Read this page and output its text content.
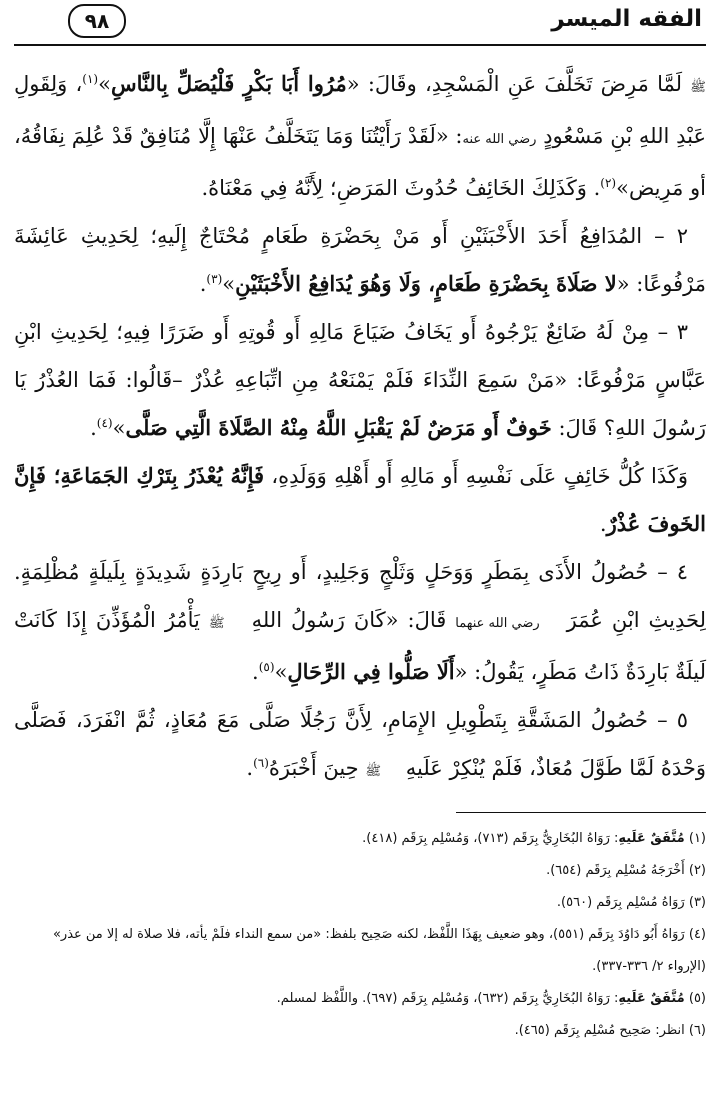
الفقه الميسر
٩٨

ﷺ لَمَّا مَرِضَ تَخَلَّفَ عَنِ الْمَسْجِدِ، وقَالَ: «مُرُوا أَبَا بَكْرٍ فَلْيُصَلِّ بِالنَّاسِ»$^{(١)}$، وَلِقَولِ عَبْدِ اللهِ بْنِ مَسْعُودٍ رضي الله عنه: «لَقَدْ رَأَيْتُنَا وَمَا يَتَخَلَّفُ عَنْهَا إِلَّا مُنَافِقٌ قَدْ عُلِمَ نِفَاقُهُ، أو مَرِيض»$^{(٢)}$. وَكَذَلِكَ الخَائِفُ حُدُوثَ المَرَضِ؛ لِأَنَّهُ فِي مَعْنَاهُ.

٢ – المُدَافِعُ أَحَدَ الأَخْبَثَيْنِ أَو مَنْ بِحَضْرَةِ طَعَامٍ مُحْتَاجٌ إِلَيهِ؛ لِحَدِيثِ عَائِشَةَ مَرْفُوعًا: «لا صَلَاةَ بِحَضْرَةِ طَعَامٍ، وَلَا وَهُوَ يُدَافِعُ الأَخْبَثَيْنِ»$^{(٣)}$.

٣ – مِنْ لَهُ ضَائِعٌ يَرْجُوهُ أَو يَخَافُ ضَيَاعَ مَالِهِ أَو قُوتِهِ أَو ضَرَرًا فِيهِ؛ لِحَدِيثِ ابْنِ عَبَّاسٍ مَرْفُوعًا: «مَنْ سَمِعَ النِّدَاءَ فَلَمْ يَمْنَعْهُ مِنِ اتِّبَاعِهِ عُذْرٌ –قَالُوا: فَمَا العُذْرُ يَا رَسُولَ اللهِ؟ قَالَ: خَوفٌ أَو مَرَضٌ لَمْ يَقْبَلِ اللَّهُ مِنْهُ الصَّلَاةَ الَّتِي صَلَّى»$^{(٤)}$.

وَكَذَا كُلُّ خَائِفٍ عَلَى نَفْسِهِ أَو مَالِهِ أَو أَهْلِهِ وَوَلَدِهِ، فَإِنَّهُ يُعْذَرُ بِتَرْكِ الجَمَاعَةِ؛ فَإِنَّ الخَوفَ عُذْرٌ.

٤ – حُصُولُ الأَذَى بِمَطَرٍ وَوَحَلٍ وَثَلْجٍ وَجَلِيدٍ، أَو رِيحٍ بَارِدَةٍ شَدِيدَةٍ بِلَيلَةٍ مُظْلِمَةٍ. لِحَدِيثِ ابْنِ عُمَرَ رضي الله عنهما قَالَ: «كَانَ رَسُولُ اللهِ ﷺ يَأْمُرُ الْمُؤَذِّنَ إِذَا كَانَتْ لَيلَةٌ بَارِدَةٌ ذَاتُ مَطَرٍ، يَقُولُ: «أَلَا صَلُّوا فِي الرِّحَالِ»$^{(٥)}$.

٥ – حُصُولُ المَشَقَّةِ بِتَطْوِيلِ الإِمَامِ، لِأَنَّ رَجُلًا صَلَّى مَعَ مُعَاذٍ، ثُمَّ انْفَرَدَ، فَصَلَّى وَحْدَهُ لَمَّا طَوَّلَ مُعَاذٌ، فَلَمْ يُنْكِرْ عَلَيهِ ﷺ حِينَ أَخْبَرَهُ$^{(٦)}$.

(١) مُتَّفَقٌ عَلَيهِ: رَوَاهُ البُخَارِيُّ بِرَقَم (٧١٣)، وَمُسْلِم بِرَقَم (٤١٨).

(٢) أَخْرَجَهُ مُسْلِم بِرَقَم (٦٥٤).

(٣) رَوَاهُ مُسْلِم بِرَقَم (٥٦٠).

(٤) رَوَاهُ أَبُو دَاوُدَ بِرَقَم (٥٥١)، وهو ضعيف بِهَذَا اللَّفْظ، لكنه صَحِيح بلفظ: «من سمع النداء فلَمْ يأته، فلا صلاة له إلا من عذر» (الإرواء ٢/ ٣٣٦-٣٣٧).

(٥) مُتَّفَقٌ عَلَيهِ: رَوَاهُ البُخَارِيُّ بِرَقَم (٦٣٢)، وَمُسْلِم بِرَقَم (٦٩٧). واللَّفْظ لمسلم.

(٦) انظر: صَحِيح مُسْلِم بِرَقَم (٤٦٥).
